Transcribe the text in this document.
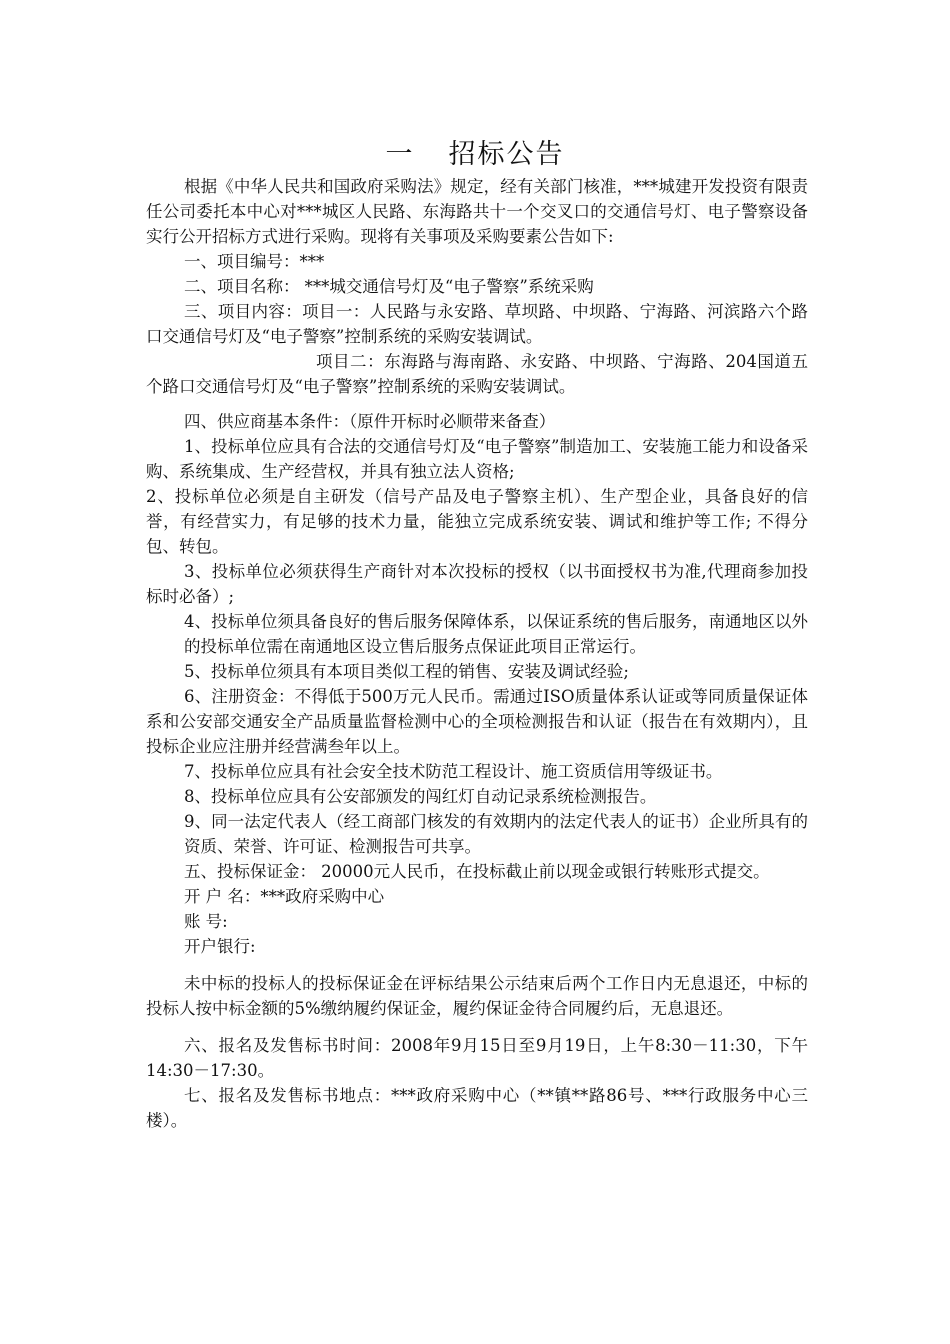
一 招标公告

根据《中华人民共和国政府采购法》规定，经有关部门核准，***城建开发投资有限责任公司委托本中心对***城区人民路、东海路共十一个交叉口的交通信号灯、电子警察设备实行公开招标方式进行采购。现将有关事项及采购要素公告如下:

一、项目编号：***

二、项目名称： ***城交通信号灯及“电子警察”系统采购

三、项目内容：项目一：人民路与永安路、草坝路、中坝路、宁海路、河滨路六个路口交通信号灯及“电子警察”控制系统的采购安装调试。

项目二：东海路与海南路、永安路、中坝路、宁海路、204国道五个路口交通信号灯及“电子警察”控制系统的采购安装调试。

四、供应商基本条件：（原件开标时必顺带来备查）

1、投标单位应具有合法的交通信号灯及“电子警察”制造加工、安装施工能力和设备采购、系统集成、生产经营权，并具有独立法人资格;

2、投标单位必须是自主研发（信号产品及电子警察主机）、生产型企业，具备良好的信誉，有经营实力，有足够的技术力量，能独立完成系统安装、调试和维护等工作; 不得分包、转包。

3、投标单位必须获得生产商针对本次投标的授权（以书面授权书为准,代理商参加投标时必备）;

4、投标单位须具备良好的售后服务保障体系，以保证系统的售后服务，南通地区以外的投标单位需在南通地区设立售后服务点保证此项目正常运行。

5、投标单位须具有本项目类似工程的销售、安装及调试经验;

6、注册资金：不得低于500万元人民币。需通过ISO质量体系认证或等同质量保证体系和公安部交通安全产品质量监督检测中心的全项检测报告和认证（报告在有效期内），且投标企业应注册并经营满叁年以上。

7、投标单位应具有社会安全技术防范工程设计、施工资质信用等级证书。

8、投标单位应具有公安部颁发的闯红灯自动记录系统检测报告。

9、同一法定代表人（经工商部门核发的有效期内的法定代表人的证书）企业所具有的资质、荣誉、许可证、检测报告可共享。

五、投标保证金： 20000元人民币，在投标截止前以现金或银行转账形式提交。

开 户 名：***政府采购中心

账 号:

开户银行:

未中标的投标人的投标保证金在评标结果公示结束后两个工作日内无息退还，中标的投标人按中标金额的5%缴纳履约保证金，履约保证金待合同履约后，无息退还。

六、报名及发售标书时间：2008年9月15日至9月19日，上午8:30－11:30，下午14:30－17:30。

七、报名及发售标书地点：***政府采购中心（**镇**路86号、***行政服务中心三楼）。
